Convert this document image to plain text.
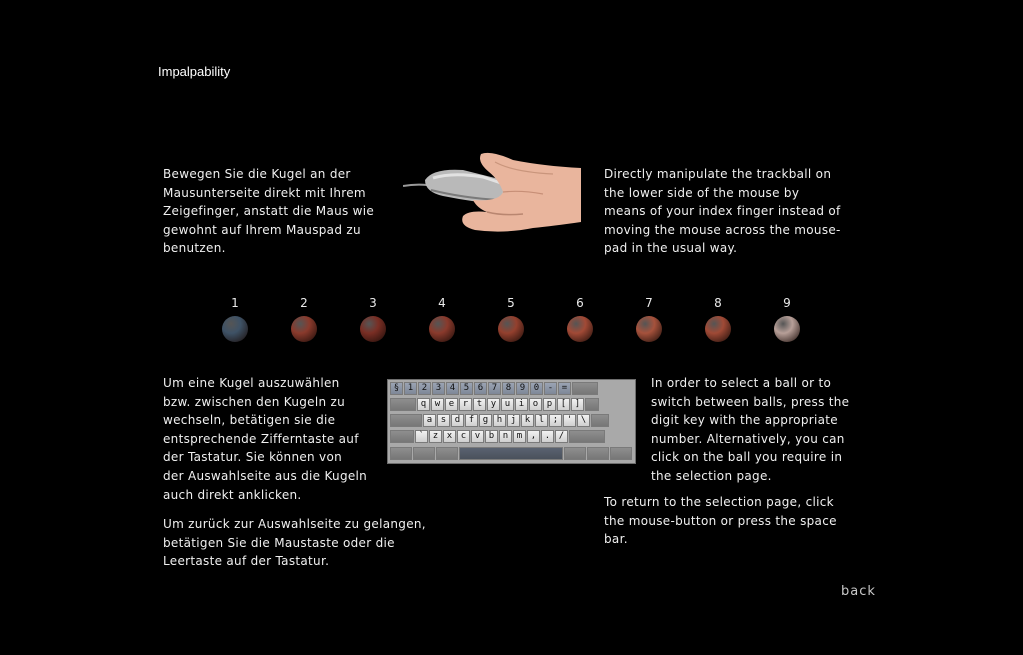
Impalpability
Bewegen Sie die Kugel an der
Mausunterseite direkt mit Ihrem
Zeigefinger, anstatt die Maus wie
gewohnt auf Ihrem Mauspad zu
benutzen.
Directly manipulate the trackball on
the lower side of the mouse by
means of your index finger instead of
moving the mouse across the mouse-
pad in the usual way.
1	2	3	4	5	6	7	8	9
Um eine Kugel auszuwählen
bzw. zwischen den Kugeln zu
wechseln, betätigen sie die
entsprechende Zifferntaste auf
der Tastatur. Sie können von
der Auswahlseite aus die Kugeln
auch direkt anklicken.
§ 1 2 3 4 5 6 7 8 9 0 - =
q w e r t y u i o p [ ]
a s d f g h j k l ; ' \
` z x c v b n m , . /
In order to select a ball or to
switch between balls, press the
digit key with the appropriate
number. Alternatively, you can
click on the ball you require in
the selection page.
Um zurück zur Auswahlseite zu gelangen,
betätigen Sie die Maustaste oder die
Leertaste auf der Tastatur.
To return to the selection page, click
the mouse-button or press the space
bar.
back
